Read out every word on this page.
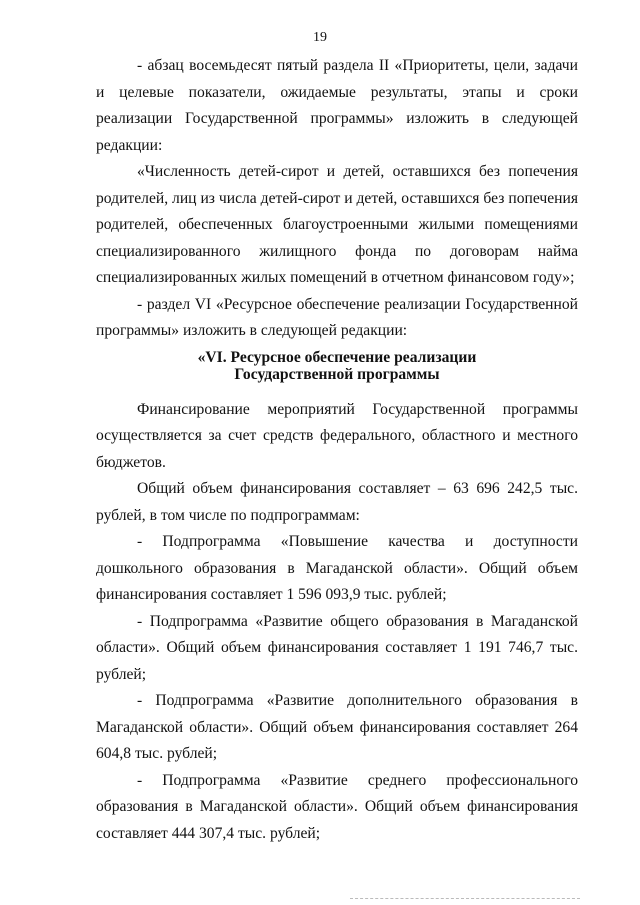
19

- абзац восемьдесят пятый раздела II «Приоритеты, цели, задачи и целевые показатели, ожидаемые результаты, этапы и сроки реализации Государственной программы» изложить в следующей редакции:

«Численность детей-сирот и детей, оставшихся без попечения родителей, лиц из числа детей-сирот и детей, оставшихся без попечения родителей, обеспеченных благоустроенными жилыми помещениями специализированного жилищного фонда по договорам найма специализированных жилых помещений в отчетном финансовом году»;

- раздел VI «Ресурсное обеспечение реализации Государственной программы» изложить в следующей редакции:

«VI. Ресурсное обеспечение реализации
Государственной программы

Финансирование мероприятий Государственной программы осуществляется за счет средств федерального, областного и местного бюджетов.

Общий объем финансирования составляет – 63 696 242,5 тыс. рублей, в том числе по подпрограммам:

- Подпрограмма «Повышение качества и доступности дошкольного образования в Магаданской области». Общий объем финансирования составляет 1 596 093,9 тыс. рублей;

- Подпрограмма «Развитие общего образования в Магаданской области». Общий объем финансирования составляет 1 191 746,7 тыс. рублей;

- Подпрограмма «Развитие дополнительного образования в Магаданской области». Общий объем финансирования составляет 264 604,8 тыс. рублей;

- Подпрограмма «Развитие среднего профессионального образования в Магаданской области». Общий объем финансирования составляет 444 307,4 тыс. рублей;
